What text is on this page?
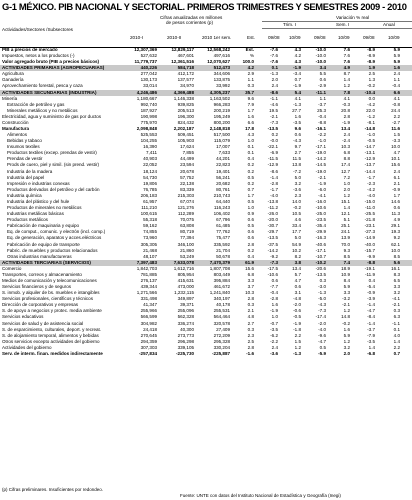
G-1 MÉXICO. PIB NACIONAL Y SECTORIAL. PRIMEROS TRIMESTRES Y SEMESTRES 2009 - 2010
Cifras anualizadas en millones
de pesos corrientes (p)
Variación % real
Trim. I	Sem. I	Anual
Actividades/Sectores /Subsectores
2010-I	2010-II	2010 1er sem.	Est.	09/08 10/09	09/08	10/09	09/08	10/09
PIB a precios de mercado	12,307,369	12,829,117	12,568,242	Est.	-7.6	4.3	-10.0	7.6	-8.9	5.9
Impuestos, netos a los productos (-)	527,632	467,601	497,616	%	-7.6	4.2	-10.0	7.6	-8.9	5.9
Valor agregado bruto (PIB a precios básicos)	11,779,737	12,361,516	12,070,627	100.0	-7.6	4.3	-10.0	7.6	-8.9	5.9
ACTIVIDADES PRIMARIAS (AGROPECUARIAS)	440,226	584,718	512,473	4.2	0.1	-1.9	3.4	4.9	1.9	1.6
Agricultura	277,042	412,172	344,606	2.9	-1.3	-3.4	5.5	8.7	2.5	2.4
Ganadería	130,173	137,577	133,875	1.1	2.0	0.7	0.6	1.4	1.3	1.1
Aprovechamiento forestal, pesca y caza	33,014	34,970	33,992	0.3	2.4	-1.9	-2.9	1.2	-0.2	-0.4
ACTIVIDADES SECUNDARIAS (INDUSTRIA)	4,246,486	4,369,488	4,305,237	35.7	-8.6	5.4	-11.1	7.8	-10.4	6.6
Minería	1,180,667	1,146,338	1,163,502	9.6	-1.1	4.1	1.1	4.1	0.0	4.1
Extracción de petróleo y gas	992,740	939,825	966,283	7.9	-4.6	-1.3	-3.7	-0.3	-4.2	-0.8
Minerales metálicos y no metálicos	187,927	205,513	200,219	1.7	19.5	27.7	25.3	20.8	22.0	24.4
Electricidad, agua y suministro de gas por ductos	190,998	196,300	195,249	1.6	-2.1	1.6	-0.4	2.8	-1.2	2.2
Construcción	775,970	824,432	800,200	6.6	-7.3	-3.5	-8.8	-1.9	-8.1	-2.7
Manufactura	2,098,848	2,202,187	2,148,818	17.8	-13.5	9.6	-16.1	13.4	-14.8	11.6
Alimentos	525,553	509,451	517,500	4.3	0.2	0.6	-2.2	2.4	-1.0	1.5
Bebidas y tabaco	104,255	105,903	115,079	1.0	-0.0	-4.3	-1.0	-2.4	-0.5	-3.3
Insumos textiles	16,390	17,624	17,007	0.1	-22.1	9.7	-17.1	10.3	-14.7	10.0
Productos textiles (excep. prendas de vestir)	7,411	7,855	7,633	0.1	-6.9	2.7	-19.0	6.8	-13.1	4.7
Prendas de vestir	40,903	44,499	44,201	0.4	-11.5	11.5	-14.2	8.8	-12.9	10.1
Prods de cuero, piel y simil. (sin prend. vestir)	22,052	23,594	22,823	0.2	-12.9	13.8	-14.5	17.4	-13.7	15.6
Industria de la madera	18,124	20,678	19,401	0.2	-8.6	-7.2	-19.0	12.7	-14.4	2.4
Industria del papel	54,730	57,752	56,241	0.5	-1.4	5.0	-2.1	7.2	-1.7	6.1
Impresión e industrias conexas	19,806	22,138	20,682	0.2	-2.8	3.2	-1.9	1.0	-2.3	2.1
Productos derivados del petróleo y del carbón	76,785	83,339	80,761	0.7	-1.7	-3.6	-6.0	2.0	-4.2	-0.9
Industria química	206,183	215,303	210,743	1.7	-4.0	2.3	-4.1	1.2	-4.0	1.7
Industria del plástico y del hule	61,957	67,074	64,440	0.5	-13.8	14.0	-16.0	15.1	-15.0	14.6
Productos de minerales no metálicos	111,210	121,276	116,243	1.0	-11.2	-0.2	-10.6	1.4	-11.0	0.6
Industrias metálicas básicas	100,615	112,289	106,402	0.9	-26.0	10.5	-25.0	12.1	-25.5	11.3
Productos metálicos	55,318	70,075	67,796	0.6	-20.0	4.6	-23.5	5.1	-21.8	4.9
Fabricación de maquinaria y equipo	59,162	63,808	61,485	0.5	-30.7	33.4	-35.4	25.1	-23.1	29.1
Eq. de comput., comunic. y electrón (incl. comp.)	74,855	80,719	77,762	0.6	-29.7	17.7	-29.9	24.1	-27.3	19.3
Eq. de generación, aparatos y acces.eléctricos	73,960	77,394	75,477	0.6	-13.5	5.0	-16.3	13.9	-14.9	9.2
Fabricación de equipo de transporte	305,305	346,100	335,592	2.8	-37.5	54.9	-40.6	70.0	-40.0	62.1
Fabric. de muebles y productos relacionados	21,468	21,860	21,704	0.2	-14.2	10.2	-17.1	9.3	-15.7	10.0
Otras industrias manufactureras	48,107	53,249	50,678	0.4	-9.2	8.2	-10.7	8.5	-9.9	8.5
ACTIVIDADES TERCIARIAS (SERVICIOS)	7,397,483	7,633,078	7,470,379	61.9	-7.3	3.8	-10.2	7.4	-8.8	5.6
Comercio	1,842,703	1,612,716	1,807,708	15.6	-17.5	13.4	-20.6	18.9	-19.1	16.1
Transportes, correos y almacenamiento	781,885	805,954	803,449	6.8	-10.6	5.7	-13.5	10.9	-11.9	8.3
Medios de comunicación y telecomunicaciones	276,137	415,631	395,884	3.3	0.6	4.7	0.3	8.4	0.4	6.5
Servicios financieros y de seguros	439,344	473,000	461,672	3.7	-7.7	0.6	-3.0	5.9	-5.4	3.3
S. inmob. y alquiler de bs. muebles e intangibles	1,271,566	1,232,115	1,241,840	10.3	-0.4	3.1	-1.3	3.3	-0.9	3.2
Servicios profesionales, científicos y técnicos	331,498	349,897	340,197	2.8	-2.8	-4.8	-5.0	-3.2	-3.9	-4.1
Dirección de corporativos y empresas	41,347	39,371	40,178	0.3	1.6	-2.0	-4.3	-2.1	-1.4	-2.1
S. de apoyo a negocios y protec. media ambiente	255,966	255,096	255,531	2.1	-1.9	-0.6	-7.3	1.2	-4.7	0.3
Servicios educativos	566,599	562,328	564,464	4.8	1.0	-0.5	-17.4	14.8	-8.4	6.3
Servicios de salud y de asistencia social	304,982	336,274	320,578	2.7	-0.7	-1.9	-2.0	-0.2	-1.4	-1.1
S. de esparcimiento, culturales, deport. y recreat.	24,418	40,300	27,409	0.3	-3.5	-1.8	-4.0	1.6	-3.7	0.1
S. de alojamiento temporal, alimentos y bebidas	270,645	273,773	272,209	2.3	-6.2	2.2	-9.6	5.9	-7.9	4.0
Otros servicios excepto actividades del gobierno	294,359	296,298	295,328	2.5	-2.2	1.5	-4.7	1.2	-3.5	1.4
Actividades del gobierno	307,303	339,105	330,204	2.8	2.4	1.2	0.5	3.2	1.4	2.2
Serv. de interm. finan. medidos indirectamente	-257,834	-225,730	-225,887	-1.6	-3.6	-1.3	-5.9	2.0	-6.8	0.7
(p) Cifras preliminares. Insuficientes por redondeo.
Fuente: UNTE con datos del Instituto Nacional de Estadística y Geografía (Inegi)
